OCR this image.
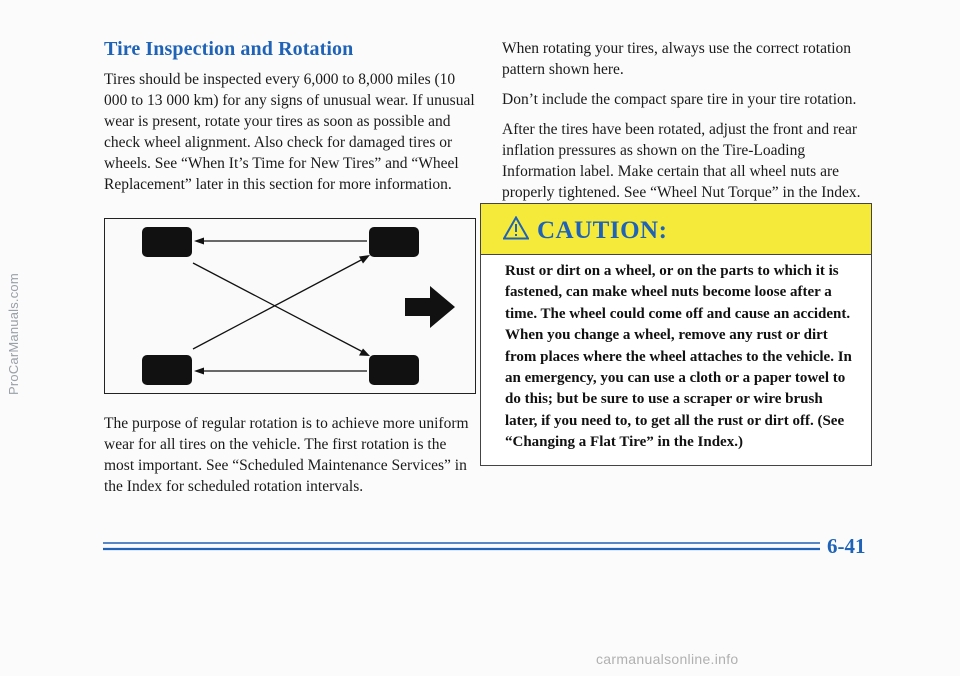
ProCarManuals.com
Tire Inspection and Rotation

Tires should be inspected every 6,000 to 8,000 miles (10 000 to 13 000 km) for any signs of unusual wear. If unusual wear is present, rotate your tires as soon as possible and check wheel alignment. Also check for damaged tires or wheels. See “When It’s Time for New Tires” and “Wheel Replacement” later in this section for more information.

The purpose of regular rotation is to achieve more uniform wear for all tires on the vehicle. The first rotation is the most important. See “Scheduled Maintenance Services” in the Index for scheduled rotation intervals.

When rotating your tires, always use the correct rotation pattern shown here.

Don’t include the compact spare tire in your tire rotation.

After the tires have been rotated, adjust the front and rear inflation pressures as shown on the Tire-Loading Information label. Make certain that all wheel nuts are properly tightened. See “Wheel Nut Torque” in the Index.

CAUTION:
Rust or dirt on a wheel, or on the parts to which it is fastened, can make wheel nuts become loose after a time. The wheel could come off and cause an accident. When you change a wheel, remove any rust or dirt from places where the wheel attaches to the vehicle. In an emergency, you can use a cloth or a paper towel to do this; but be sure to use a scraper or wire brush later, if you need to, to get all the rust or dirt off. (See “Changing a Flat Tire” in the Index.)
6-41
carmanualsonline.info
